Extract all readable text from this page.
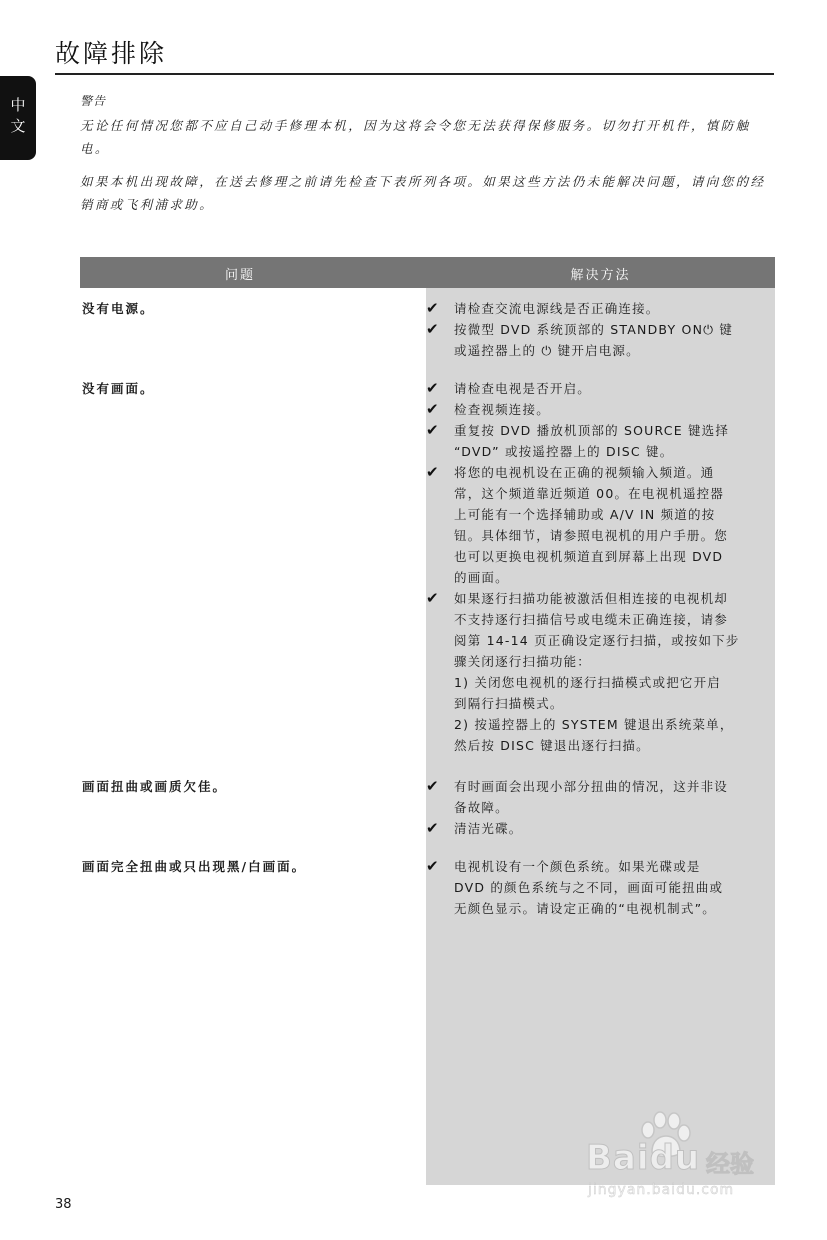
故障排除
中文	警告

无论任何情况您都不应自己动手修理本机，因为这将会令您无法获得保修服务。切勿打开机件，慎防触电。

如果本机出现故障，在送去修理之前请先检查下表所列各项。如果这些方法仍未能解决问题，请向您的经销商或飞利浦求助。

问题	解决方法
没有电源。	✔ 请检查交流电源线是否正确连接。
✔ 按微型 DVD 系统顶部的 STANDBY ON⏻ 键
或遥控器上的 ⏻ 键开启电源。
没有画面。	✔ 请检查电视是否开启。
✔ 检查视频连接。
✔ 重复按 DVD 播放机顶部的 SOURCE 键选择
“DVD” 或按遥控器上的 DISC 键。
✔ 将您的电视机设在正确的视频输入频道。通
常，这个频道靠近频道 00。在电视机遥控器
上可能有一个选择辅助或 A/V IN 频道的按
钮。具体细节，请参照电视机的用户手册。您
也可以更换电视机频道直到屏幕上出现 DVD
的画面。
✔ 如果逐行扫描功能被激活但相连接的电视机却
不支持逐行扫描信号或电缆未正确连接，请参
阅第 14-14 页正确设定逐行扫描，或按如下步
骤关闭逐行扫描功能：
1) 关闭您电视机的逐行扫描模式或把它开启
到隔行扫描模式。
2) 按遥控器上的 SYSTEM 键退出系统菜单，
然后按 DISC 键退出逐行扫描。
画面扭曲或画质欠佳。	✔ 有时画面会出现小部分扭曲的情况，这并非设
备故障。
✔ 清洁光碟。
画面完全扭曲或只出现黑/白画面。	✔ 电视机设有一个颜色系统。如果光碟或是
DVD 的颜色系统与之不同，画面可能扭曲或
无颜色显示。请设定正确的“电视机制式”。
38
Baidu 经验
jingyan.baidu.com
